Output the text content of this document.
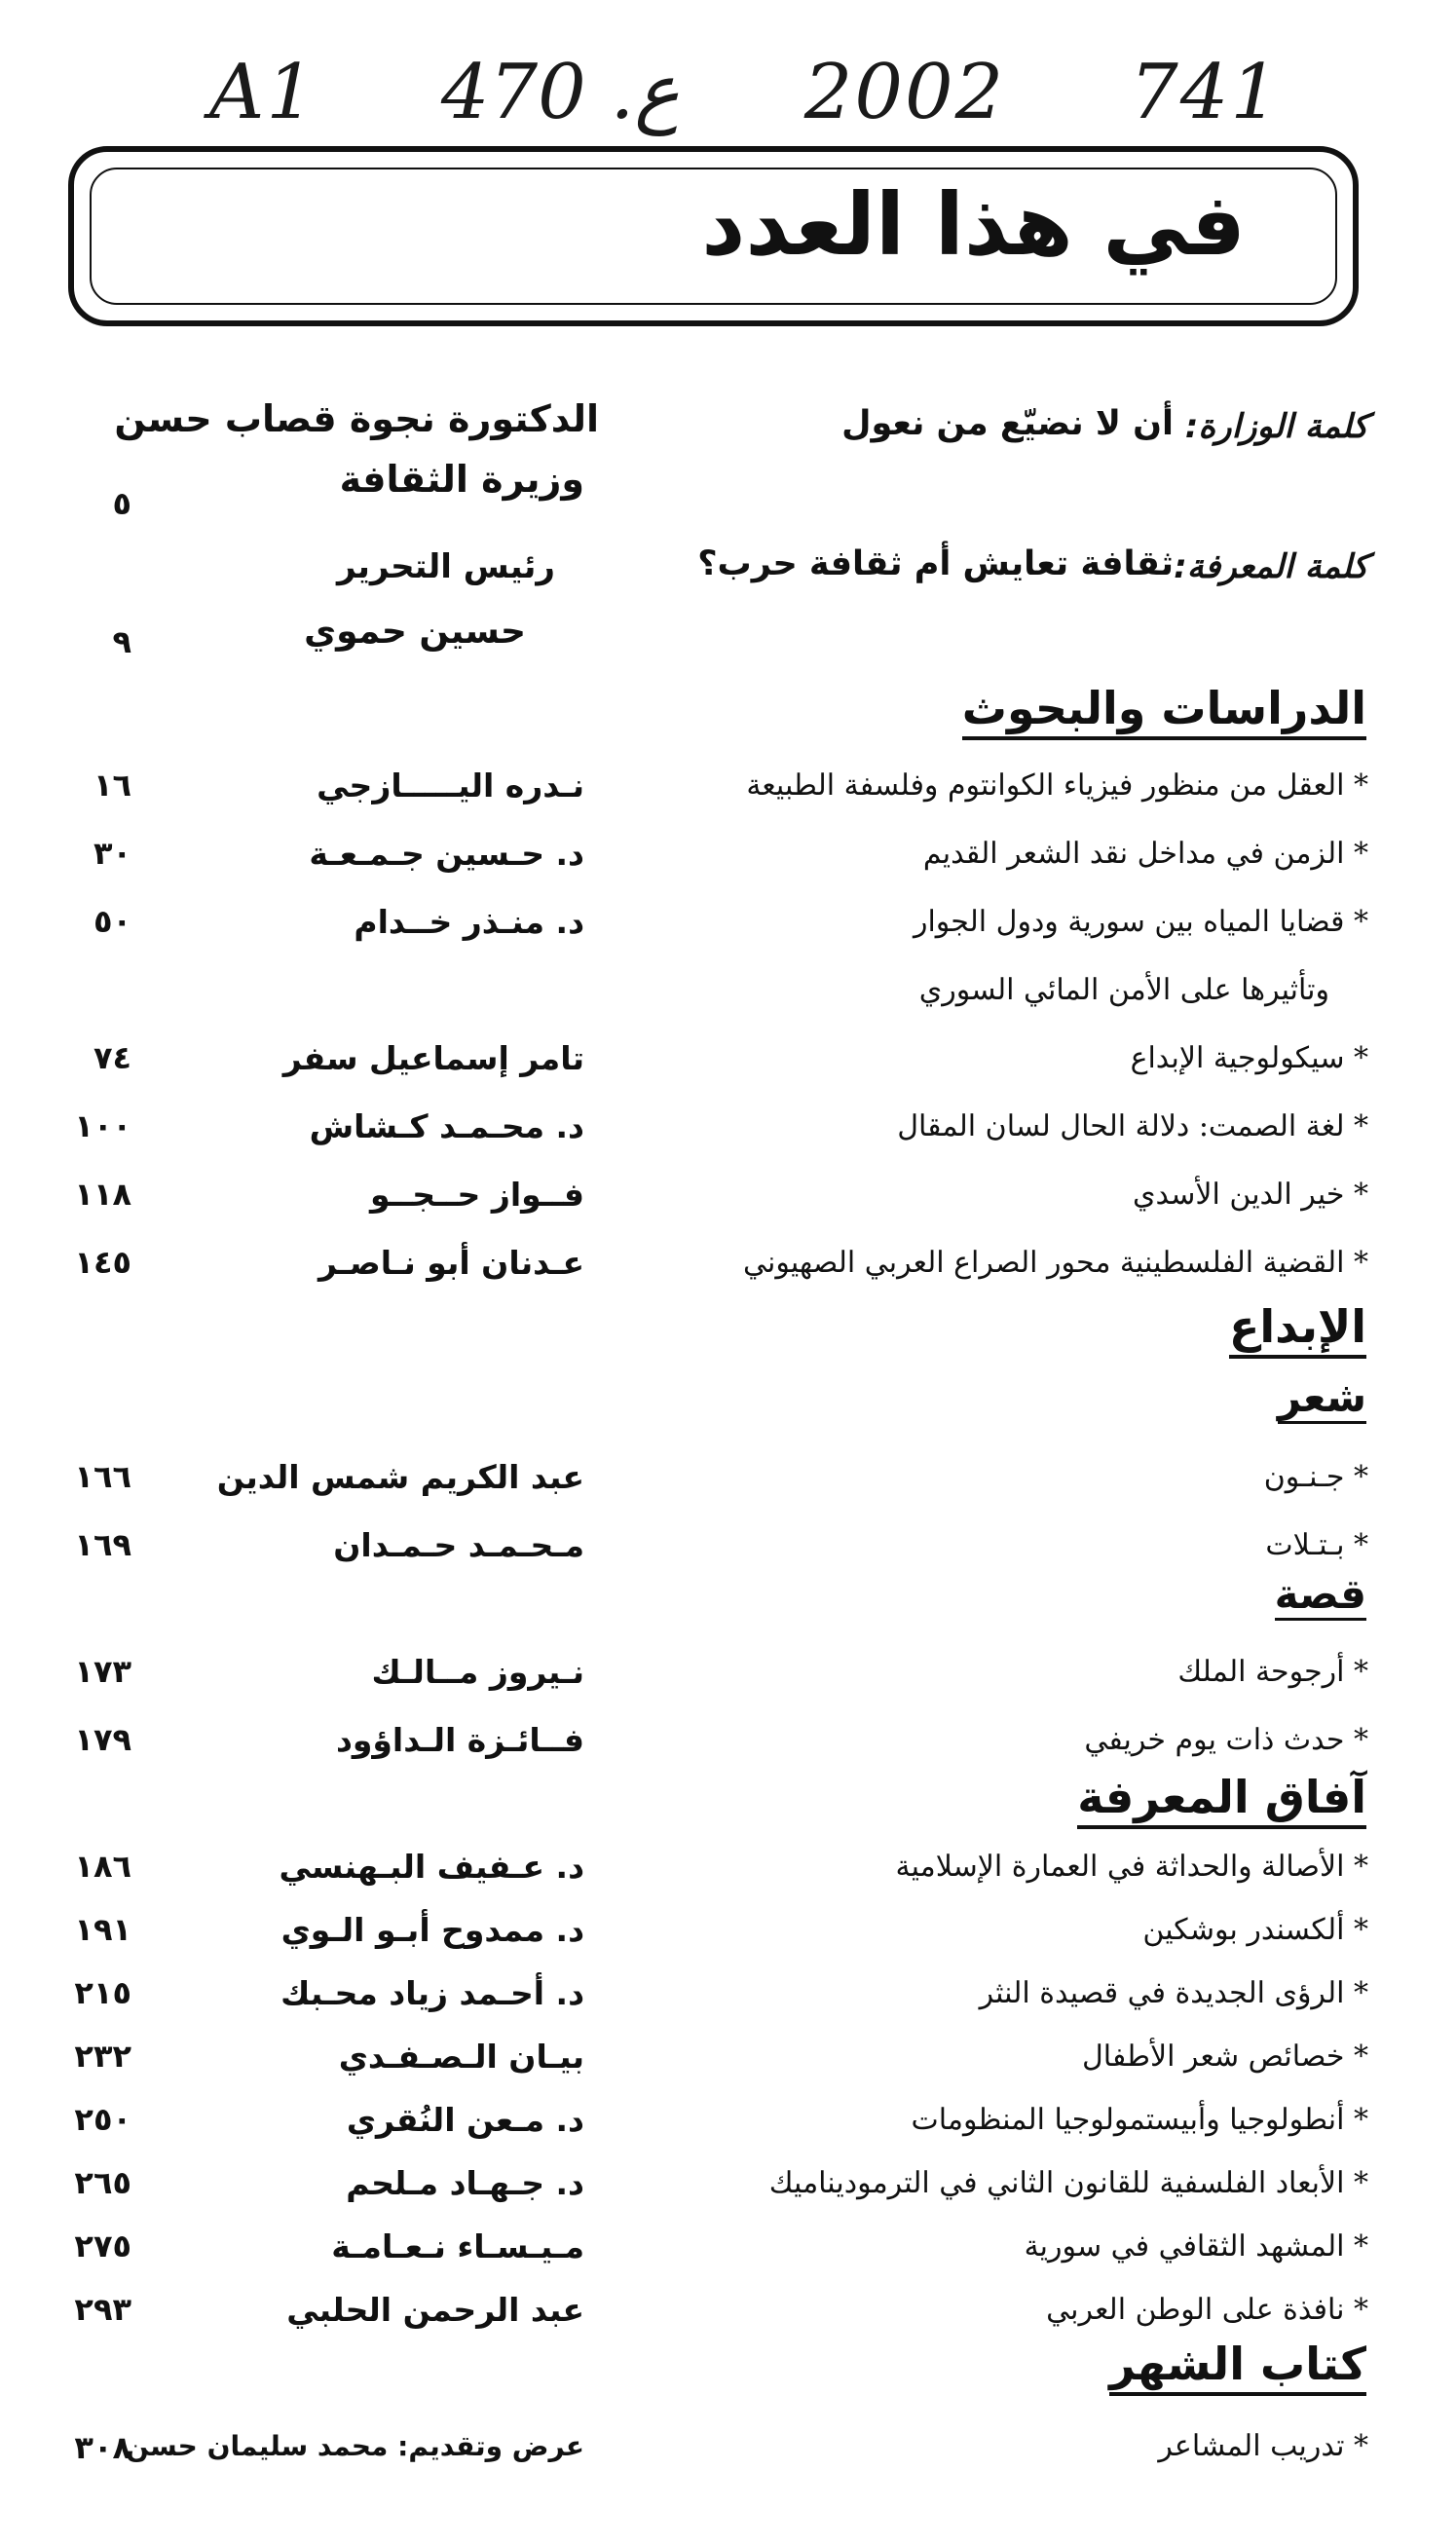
A1 470 .ع 2002 741
في هذا العدد
كلمة الوزارة:
أن لا نضيّع من نعول
الدكتورة نجوة قصاب حسن
وزيرة الثقافة
٥
كلمة المعرفة:
ثقافة تعايش أم ثقافة حرب؟
رئيس التحرير
حسين حموي
٩
الدراسات والبحوث
* العقل من منظور فيزياء الكوانتوم وفلسفة الطبيعة
نـدره اليـــــازجي
١٦
* الزمن في مداخل نقد الشعر القديم
د. حـسين جـمـعـة
٣٠
* قضايا المياه بين سورية ودول الجوار
د. منـذر خــدام
٥٠
وتأثيرها على الأمن المائي السوري
* سيكولوجية الإبداع
تامر إسماعيل سفر
٧٤
* لغة الصمت: دلالة الحال لسان المقال
د. محـمـد كـشاش
١٠٠
* خير الدين الأسدي
فــواز حــجــو
١١٨
* القضية الفلسطينية محور الصراع العربي الصهيوني
عـدنان أبو نـاصـر
١٤٥
الإبداع
شعر
* جـنـون
عبد الكريم شمس الدين
١٦٦
* بـتـلات
مـحـمـد حـمـدان
١٦٩
قصة
* أرجوحة الملك
نـيروز مــالـك
١٧٣
* حدث ذات يوم خريفي
فــائـزة الـداؤود
١٧٩
آفاق المعرفة
* الأصالة والحداثة في العمارة الإسلامية
د. عـفيف البـهنسي
١٨٦
* ألكسندر بوشكين
د. ممدوح أبـو الـوي
١٩١
* الرؤى الجديدة في قصيدة النثر
د. أحـمد زياد محـبك
٢١٥
* خصائص شعر الأطفال
بيـان الـصـفـدي
٢٣٢
* أنطولوجيا وأبيستمولوجيا المنظومات
د. مـعن النُقري
٢٥٠
* الأبعاد الفلسفية للقانون الثاني في الترموديناميك
د. جـهـاد مـلحم
٢٦٥
* المشهد الثقافي في سورية
مـيـسـاء نـعـامـة
٢٧٥
* نافذة على الوطن العربي
عبد الرحمن الحلبي
٢٩٣
كتاب الشهر
* تدريب المشاعر
٣٠٨
عرض وتقديم: محمد سليمان حسن
